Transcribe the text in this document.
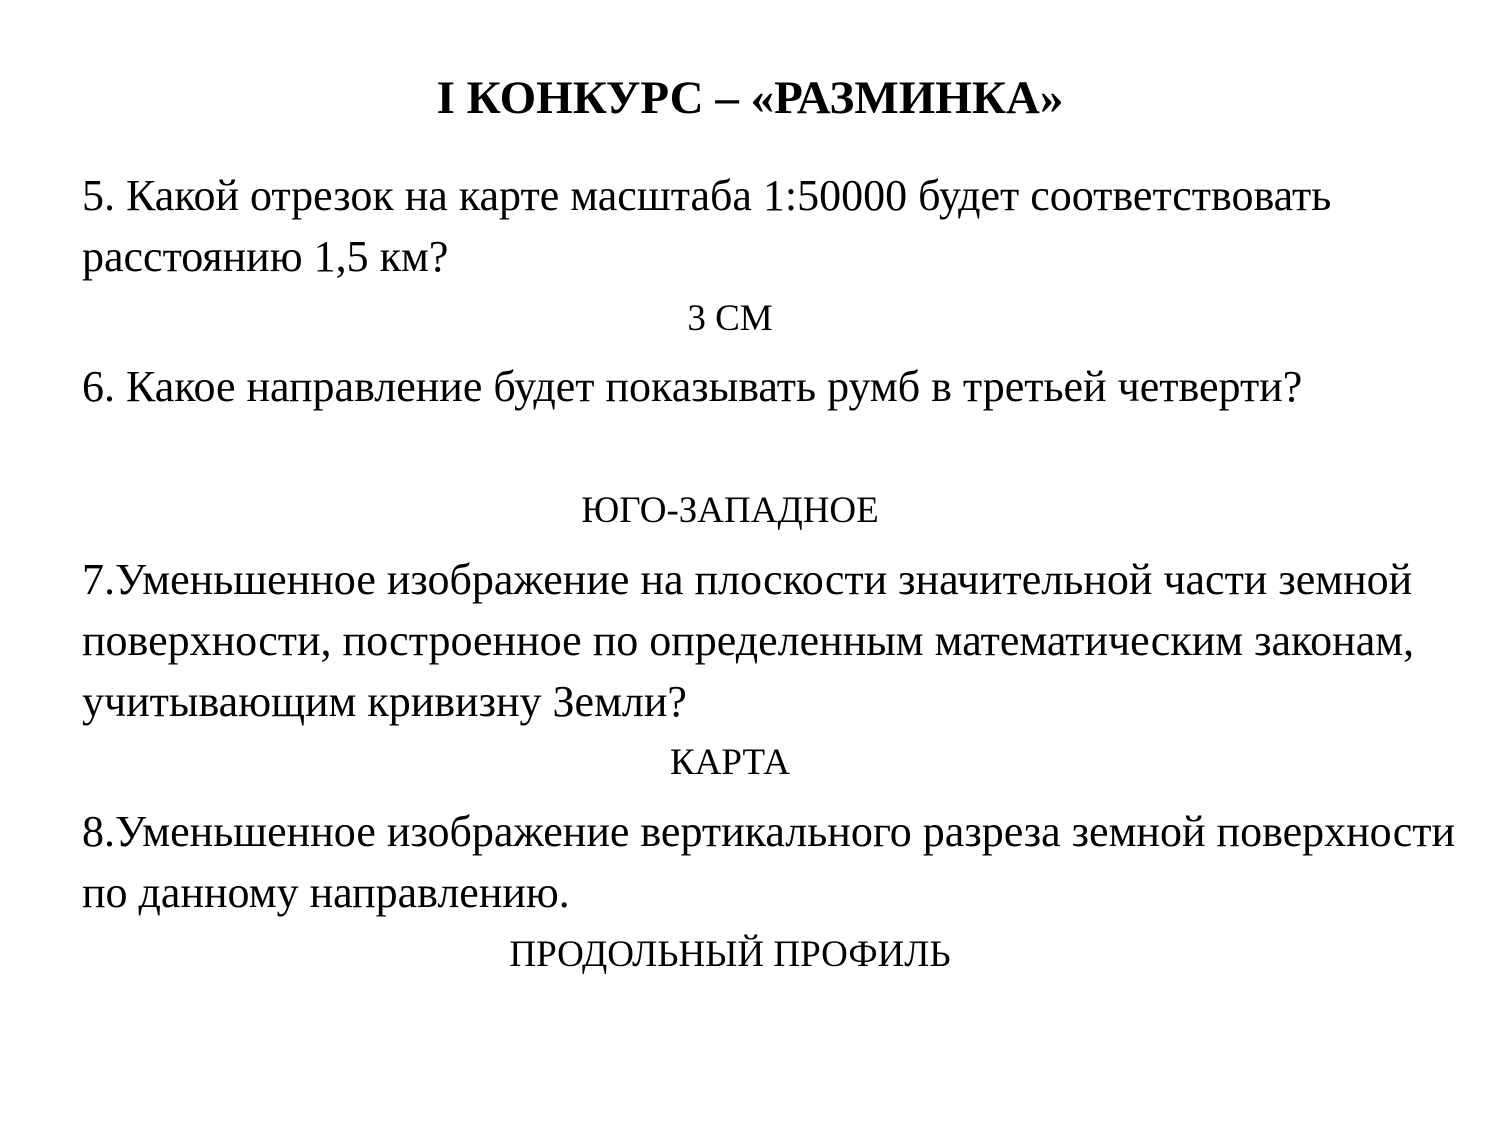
I КОНКУРС – «РАЗМИНКА»

5. Какой отрезок на карте масштаба 1:50000 будет соответствовать расстоянию 1,5 км?

3 СМ

6. Какое направление будет показывать румб в третьей четверти?

ЮГО-ЗАПАДНОЕ

7.Уменьшенное изображение на плоскости значительной части земной поверхности, построенное по определенным математическим законам, учитывающим кривизну Земли?

КАРТА

8.Уменьшенное изображение вертикального разреза земной поверхности по данному направлению.

ПРОДОЛЬНЫЙ ПРОФИЛЬ
